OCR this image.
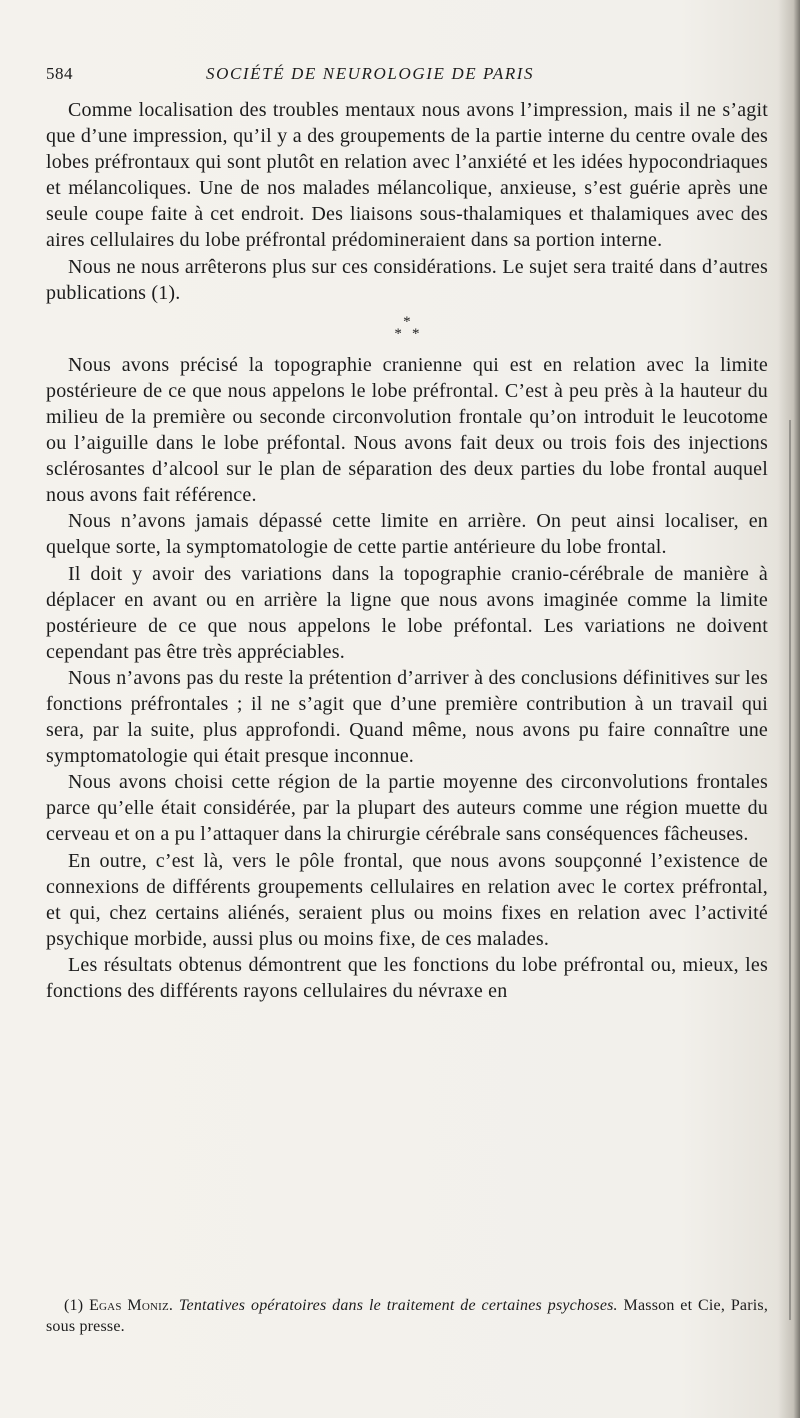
584	SOCIÉTÉ DE NEUROLOGIE DE PARIS

Comme localisation des troubles mentaux nous avons l’impression, mais il ne s’agit que d’une impression, qu’il y a des groupements de la partie interne du centre ovale des lobes préfrontaux qui sont plutôt en relation avec l’anxiété et les idées hypocondriaques et mélancoliques. Une de nos malades mélancolique, anxieuse, s’est guérie après une seule coupe faite à cet endroit. Des liaisons sous-thalamiques et thalamiques avec des aires cellulaires du lobe préfrontal prédomineraient dans sa portion interne.

Nous ne nous arrêterons plus sur ces considérations. Le sujet sera traité dans d’autres publications (1).

*
* *

Nous avons précisé la topographie cranienne qui est en relation avec la limite postérieure de ce que nous appelons le lobe préfrontal. C’est à peu près à la hauteur du milieu de la première ou seconde circonvolution frontale qu’on introduit le leucotome ou l’aiguille dans le lobe préfontal. Nous avons fait deux ou trois fois des injections sclérosantes d’alcool sur le plan de séparation des deux parties du lobe frontal auquel nous avons fait référence.

Nous n’avons jamais dépassé cette limite en arrière. On peut ainsi localiser, en quelque sorte, la symptomatologie de cette partie antérieure du lobe frontal.

Il doit y avoir des variations dans la topographie cranio-cérébrale de manière à déplacer en avant ou en arrière la ligne que nous avons imaginée comme la limite postérieure de ce que nous appelons le lobe préfontal. Les variations ne doivent cependant pas être très appréciables.

Nous n’avons pas du reste la prétention d’arriver à des conclusions définitives sur les fonctions préfrontales ; il ne s’agit que d’une première contribution à un travail qui sera, par la suite, plus approfondi. Quand même, nous avons pu faire connaître une symptomatologie qui était presque inconnue.

Nous avons choisi cette région de la partie moyenne des circonvolutions frontales parce qu’elle était considérée, par la plupart des auteurs comme une région muette du cerveau et on a pu l’attaquer dans la chirurgie cérébrale sans conséquences fâcheuses.

En outre, c’est là, vers le pôle frontal, que nous avons soupçonné l’existence de connexions de différents groupements cellulaires en relation avec le cortex préfrontal, et qui, chez certains aliénés, seraient plus ou moins fixes en relation avec l’activité psychique morbide, aussi plus ou moins fixe, de ces malades.

Les résultats obtenus démontrent que les fonctions du lobe préfrontal ou, mieux, les fonctions des différents rayons cellulaires du névraxe en

(1) Egas Moniz. Tentatives opératoires dans le traitement de certaines psychoses. Masson et Cie, Paris, sous presse.
